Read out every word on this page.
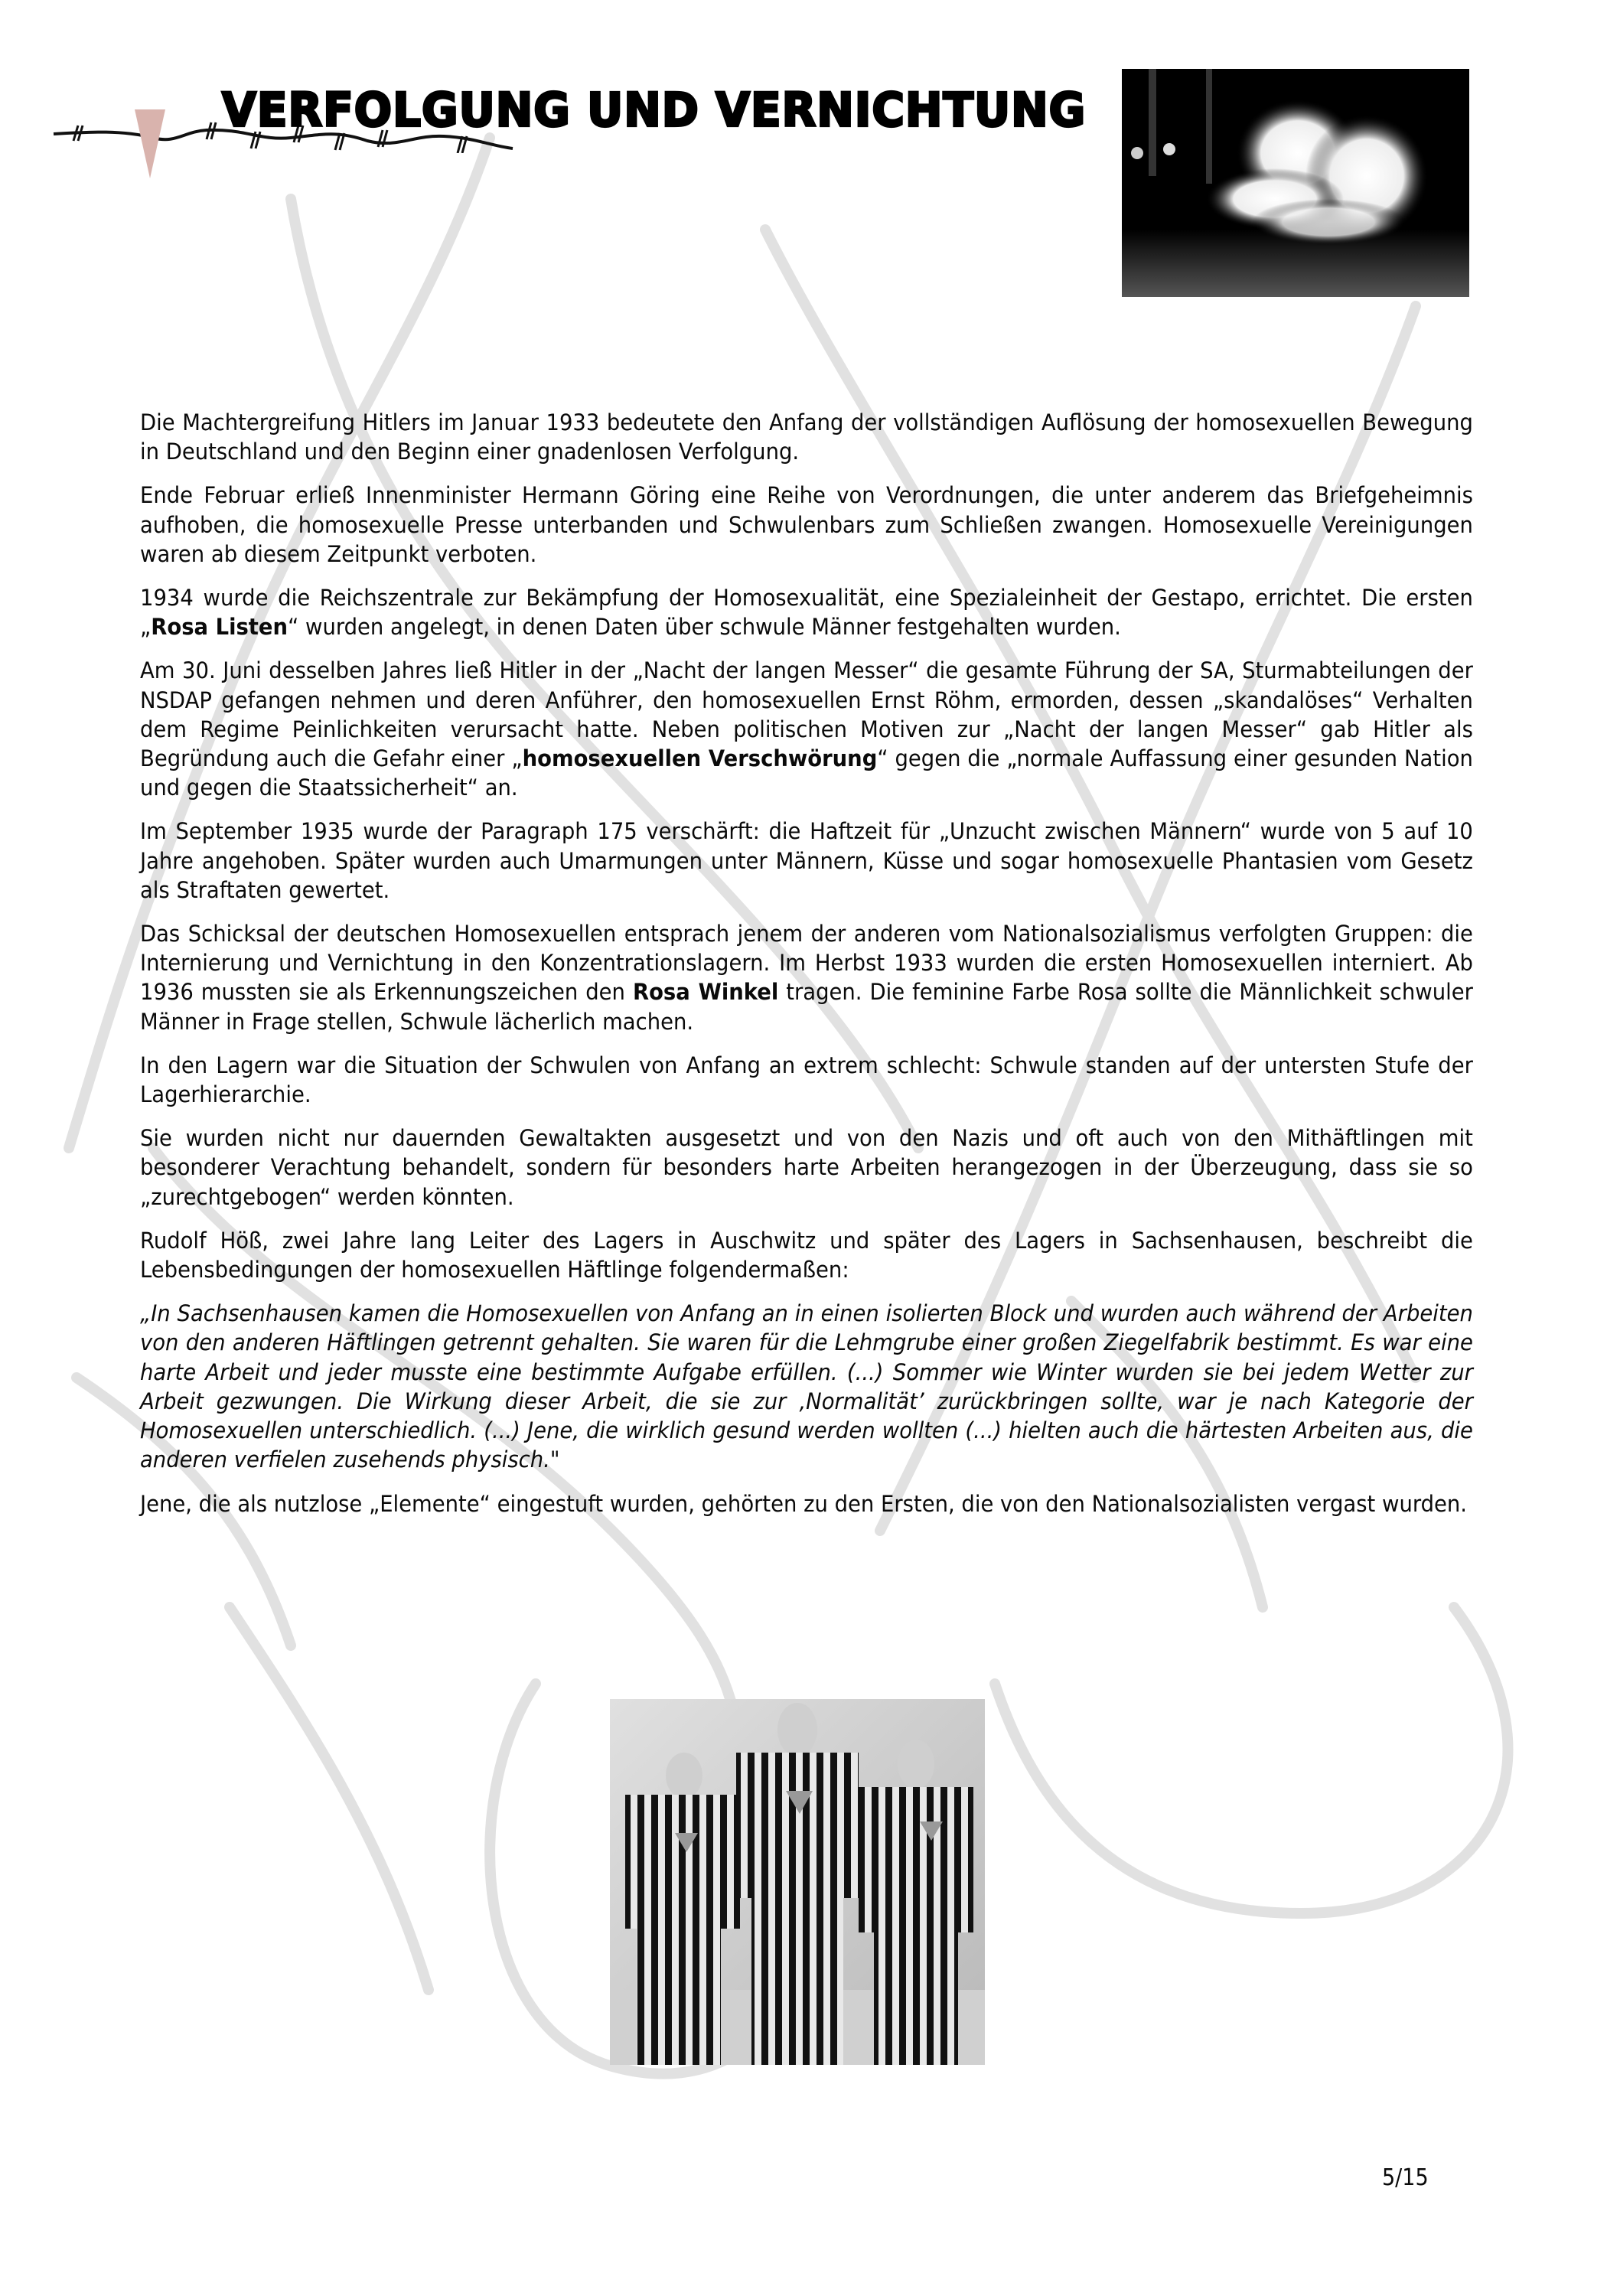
VERFOLGUNG UND VERNICHTUNG

Die Machtergreifung Hitlers im Januar 1933 bedeutete den Anfang der vollständigen Auflösung der homosexuellen Bewegung in Deutschland und den Beginn einer gnadenlosen Verfolgung.

Ende Februar erließ Innenminister Hermann Göring eine Reihe von Verordnungen, die unter anderem das Briefgeheimnis aufhoben, die homosexuelle Presse unterbanden und Schwulenbars zum Schließen zwangen. Homosexuelle Vereinigungen waren ab diesem Zeitpunkt verboten.

1934 wurde die Reichszentrale zur Bekämpfung der Homosexualität, eine Spezialeinheit der Gestapo, errichtet. Die ersten „Rosa Listen“ wurden angelegt, in denen Daten über schwule Männer festgehalten wurden.

Am 30. Juni desselben Jahres ließ Hitler in der „Nacht der langen Messer“ die gesamte Führung der SA, Sturmabteilungen der NSDAP gefangen nehmen und deren Anführer, den homosexuellen Ernst Röhm, ermorden, dessen „skandalöses“ Verhalten dem Regime Peinlichkeiten verursacht hatte. Neben politischen Motiven zur „Nacht der langen Messer“ gab Hitler als Begründung auch die Gefahr einer „homosexuellen Verschwörung“ gegen die „normale Auffassung einer gesunden Nation und gegen die Staatssicherheit“ an.

Im September 1935 wurde der Paragraph 175 verschärft: die Haftzeit für „Unzucht zwischen Männern“ wurde von 5 auf 10 Jahre angehoben. Später wurden auch Umarmungen unter Männern, Küsse und sogar homosexuelle Phantasien vom Gesetz als Straftaten gewertet.

Das Schicksal der deutschen Homosexuellen entsprach jenem der anderen vom Nationalsozialismus verfolgten Gruppen: die Internierung und Vernichtung in den Konzentrationslagern. Im Herbst 1933 wurden die ersten Homosexuellen interniert. Ab 1936 mussten sie als Erkennungszeichen den Rosa Winkel tragen. Die feminine Farbe Rosa sollte die Männlichkeit schwuler Männer in Frage stellen, Schwule lächerlich machen.

In den Lagern war die Situation der Schwulen von Anfang an extrem schlecht: Schwule standen auf der untersten Stufe der Lagerhierarchie.

Sie wurden nicht nur dauernden Gewaltakten ausgesetzt und von den Nazis und oft auch von den Mithäftlingen mit besonderer Verachtung behandelt, sondern für besonders harte Arbeiten herangezogen in der Überzeugung, dass sie so „zurechtgebogen“ werden könnten.

Rudolf Höß, zwei Jahre lang Leiter des Lagers in Auschwitz und später des Lagers in Sachsenhausen, beschreibt die Lebensbedingungen der homosexuellen Häftlinge folgendermaßen:

„In Sachsenhausen kamen die Homosexuellen von Anfang an in einen isolierten Block und wurden auch während der Arbeiten von den anderen Häftlingen getrennt gehalten. Sie waren für die Lehmgrube einer großen Ziegelfabrik bestimmt. Es war eine harte Arbeit und jeder musste eine bestimmte Aufgabe erfüllen. (...) Sommer wie Winter wurden sie bei jedem Wetter zur Arbeit gezwungen. Die Wirkung dieser Arbeit, die sie zur ‚Normalität’ zurückbringen sollte, war je nach Kategorie der Homosexuellen unterschiedlich. (...) Jene, die wirklich gesund werden wollten (...) hielten auch die härtesten Arbeiten aus, die anderen verfielen zusehends physisch."

Jene, die als nutzlose „Elemente“ eingestuft wurden, gehörten zu den Ersten, die von den Nationalsozialisten vergast wurden.

5/15
